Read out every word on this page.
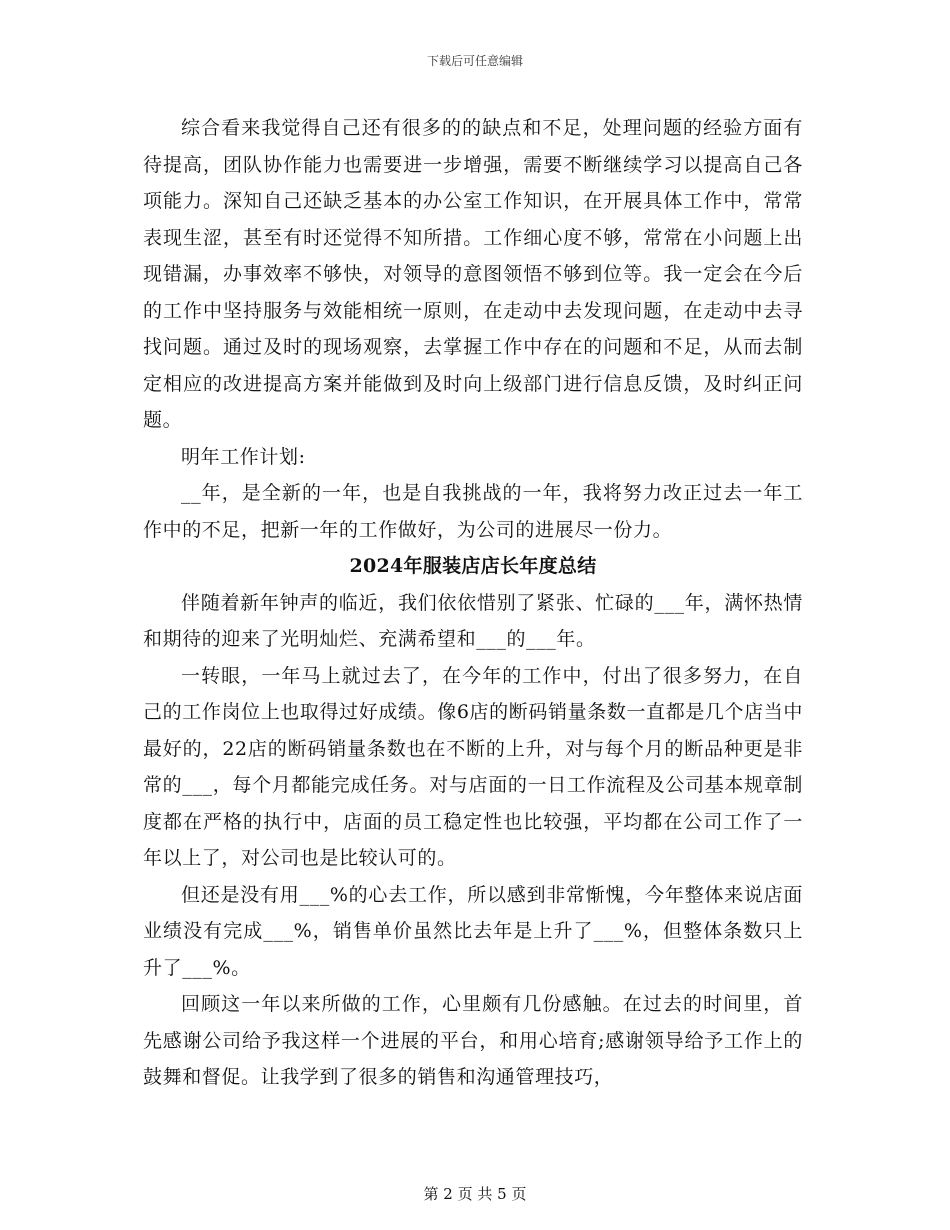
下载后可任意编辑

综合看来我觉得自己还有很多的的缺点和不足，处理问题的经验方面有待提高，团队协作能力也需要进一步增强，需要不断继续学习以提高自己各项能力。深知自己还缺乏基本的办公室工作知识，在开展具体工作中，常常表现生涩，甚至有时还觉得不知所措。工作细心度不够，常常在小问题上出现错漏，办事效率不够快，对领导的意图领悟不够到位等。我一定会在今后的工作中坚持服务与效能相统一原则，在走动中去发现问题，在走动中去寻找问题。通过及时的现场观察，去掌握工作中存在的问题和不足，从而去制定相应的改进提高方案并能做到及时向上级部门进行信息反馈，及时纠正问题。

明年工作计划:

__年，是全新的一年，也是自我挑战的一年，我将努力改正过去一年工作中的不足，把新一年的工作做好，为公司的进展尽一份力。

2024年服装店店长年度总结

伴随着新年钟声的临近，我们依依惜别了紧张、忙碌的___年，满怀热情和期待的迎来了光明灿烂、充满希望和___的___年。

一转眼，一年马上就过去了，在今年的工作中，付出了很多努力，在自己的工作岗位上也取得过好成绩。像6店的断码销量条数一直都是几个店当中最好的，22店的断码销量条数也在不断的上升，对与每个月的断品种更是非常的___，每个月都能完成任务。对与店面的一日工作流程及公司基本规章制度都在严格的执行中，店面的员工稳定性也比较强，平均都在公司工作了一年以上了，对公司也是比较认可的。

但还是没有用___%的心去工作，所以感到非常惭愧，今年整体来说店面业绩没有完成___%，销售单价虽然比去年是上升了___%，但整体条数只上升了___%。

回顾这一年以来所做的工作，心里颇有几份感触。在过去的时间里，首先感谢公司给予我这样一个进展的平台，和用心培育;感谢领导给予工作上的鼓舞和督促。让我学到了很多的销售和沟通管理技巧，

第 2 页 共 5 页
